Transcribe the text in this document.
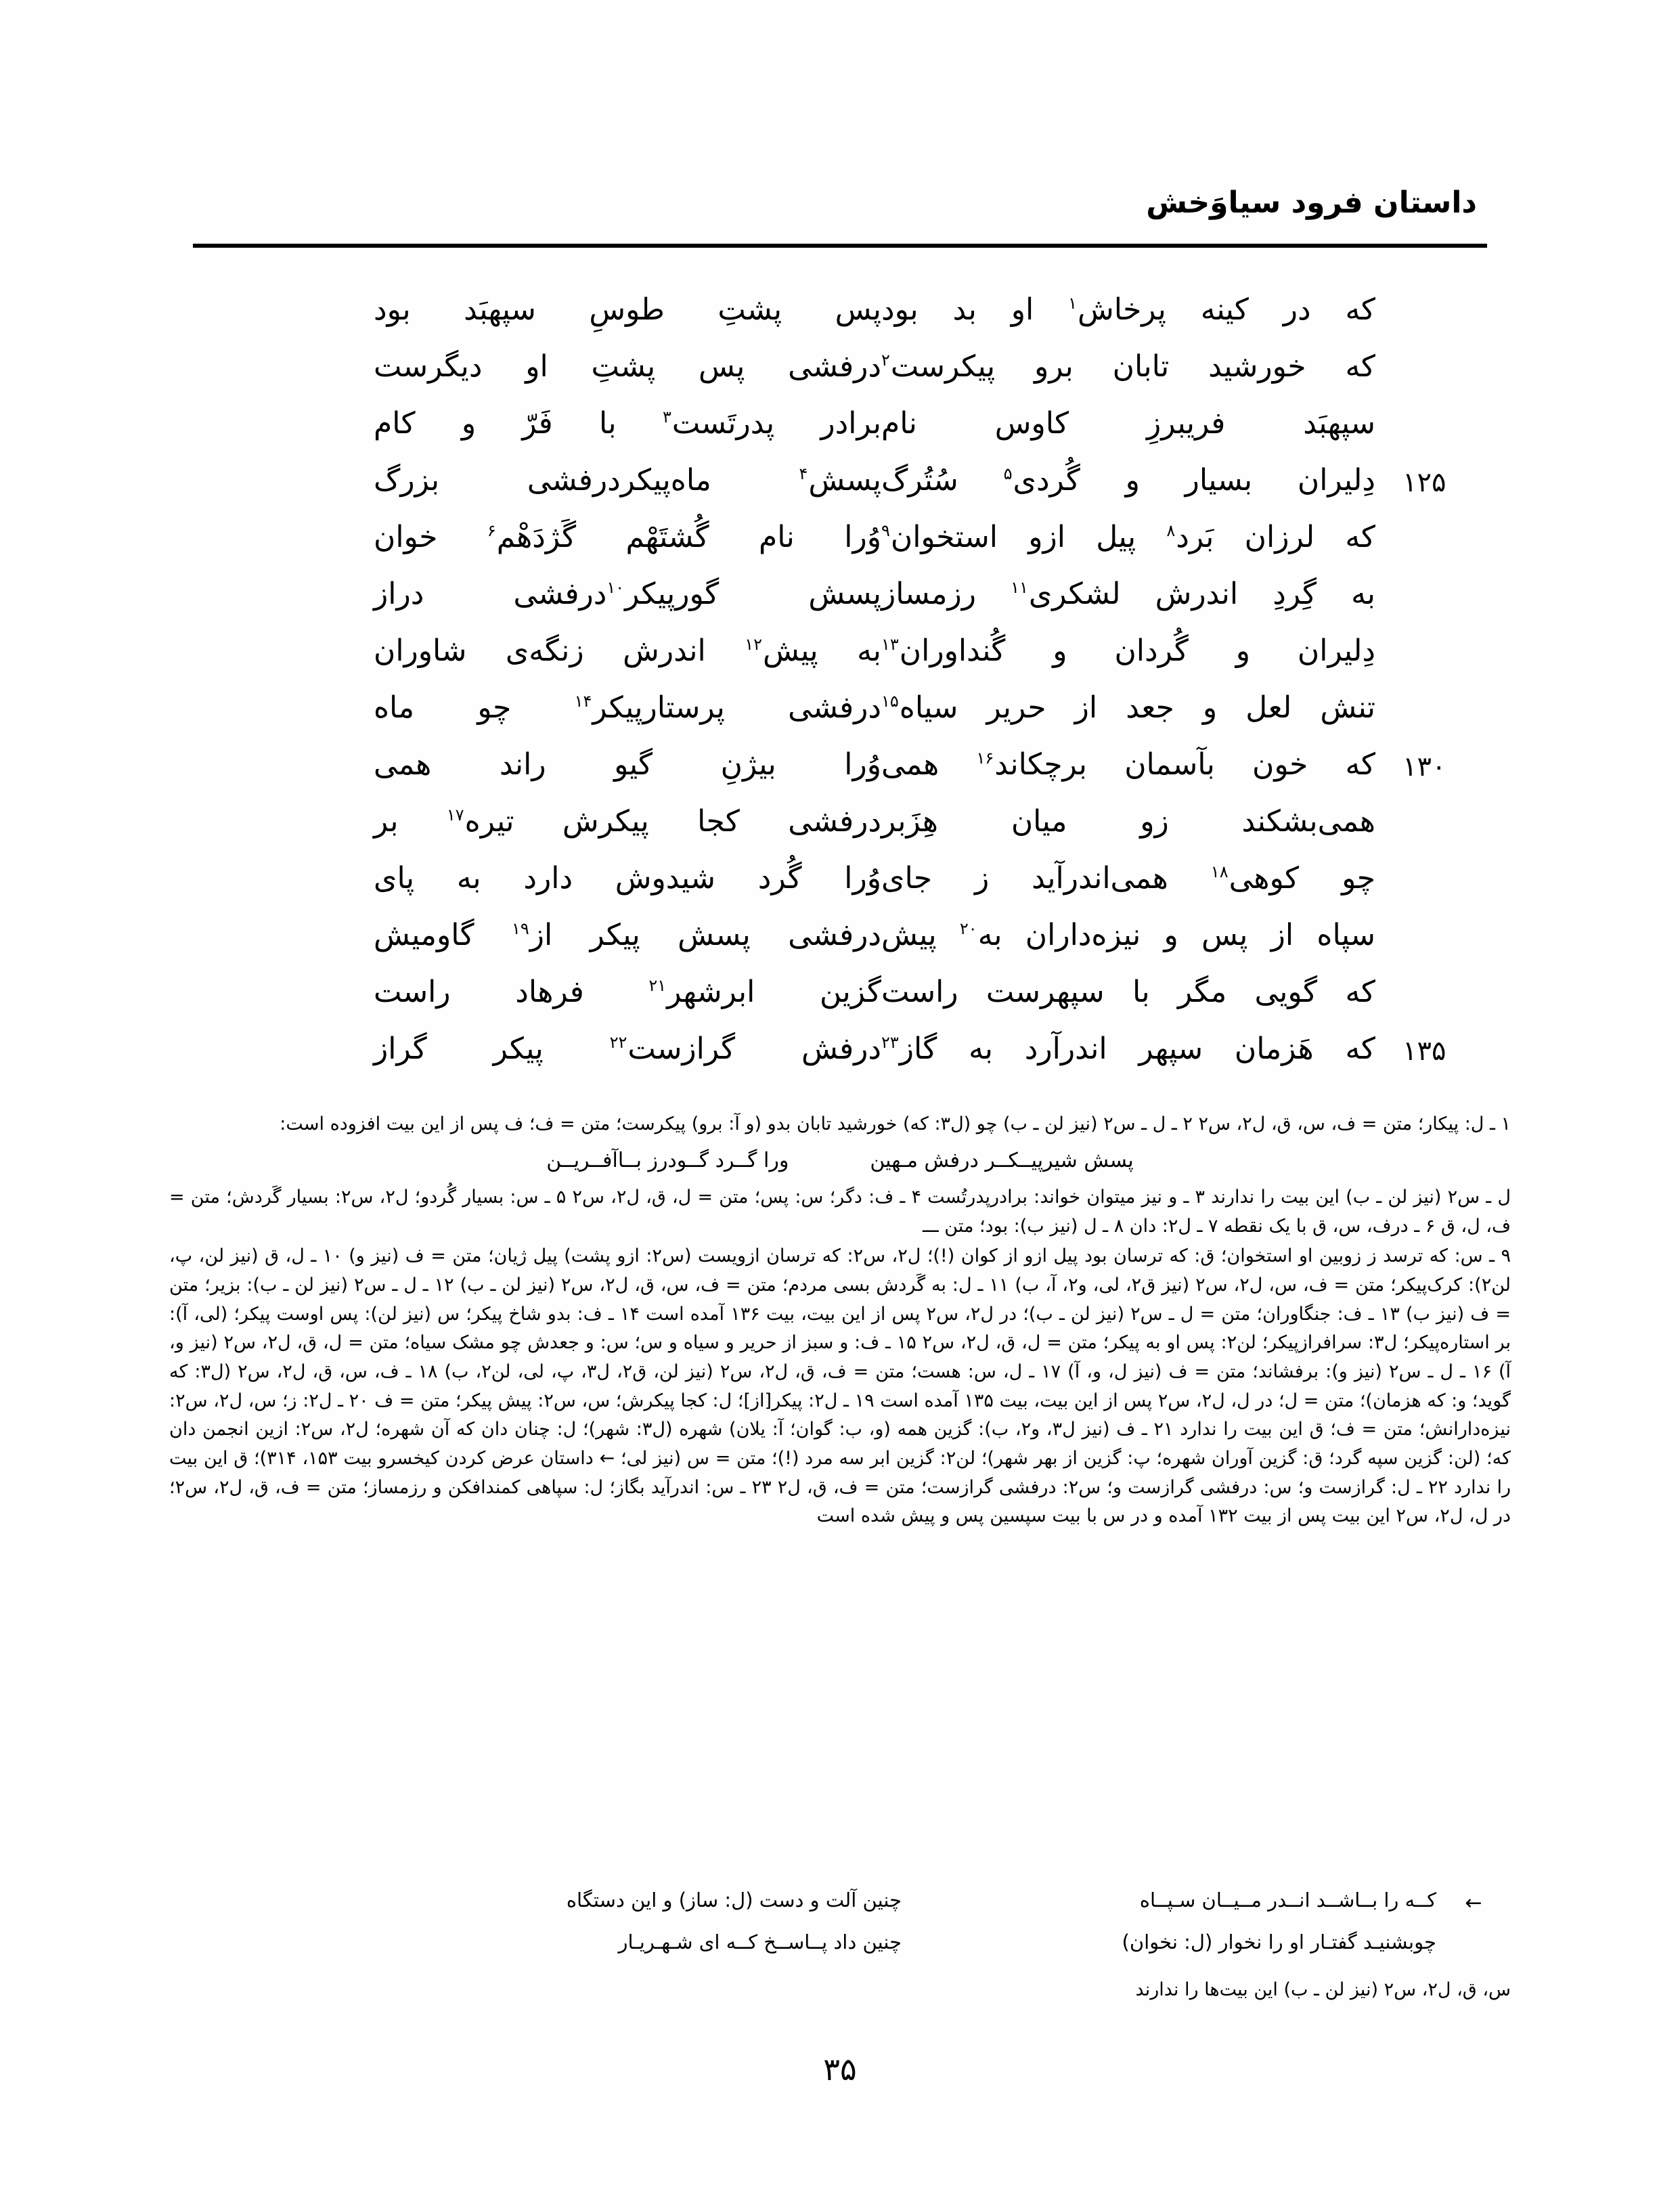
داستان فرود سیاوَخش
که در کینه پرخاش$^۱$ او بد بود
پس پشتِ طوسِ سپهبَد بود
که خورشید تابان برو پیکرست$^۲$
درفشی پس پشتِ او دیگرست
سپهبَد فریبرزِ کاوس نام
برادر پدرتَست$^۳$ با فَرّ و کام
۱۲۵
دِلیران بسیار و گُردی$^۵$ سُتُرگ
پسش$^۴$ ماه‌پیکردرفشی بزرگ
که لرزان بَرد$^۸$ پیل ازو استخوان$^۹$
وُرا نام گُشتَهْم گَژدَهْم$^۶$ خوان
به گِردِ اندرش لشکری$^{۱۱}$ رزمساز
پسش گورپیکر$^{۱۰}$درفشی دراز
دِلیران و گُردان و گُنداوران$^{۱۳}$
به پیش$^{۱۲}$ اندرش زنگه‌ی شاوران
تنش لعل و جعد از حریر سیاه$^{۱۵}$
درفشی پرستارپیکر$^{۱۴}$ چو ماه
۱۳۰
که خون بآسمان برچکاند$^{۱۶}$ همی
وُرا بیژنِ گیو راند همی
همی‌بشکند زو میان هِزَبر
درفشی کجا پیکرش تیره$^{۱۷}$ بر
چو کوهی$^{۱۸}$ همی‌اندرآید ز جای
وُرا گُرد شیدوش دارد به پای
سپاه از پس و نیزه‌داران به$^{۲۰}$ پیش
درفشی پسش پیکر از$^{۱۹}$ گاومیش
که گویی مگر با سپهرست راست
گزین ابرشهر$^{۲۱}$ فرهاد راست
۱۳۵
که هَزمان سپهر اندرآرد به گاز$^{۲۳}$
درفش گرازست$^{۲۲}$ پیکر گراز

۱ ـ ل: پیکار؛ متن = ف، س، ق، ل۲، س۲ ۲ ـ ل ـ س۲ (نیز لن ـ ب) چو (ل۳: که) خورشید تابان بدو (و آ: برو) پیکرست؛ متن = ف؛ ف پس از این بیت افزوده است:

پسش شیرپیــکــر درفش مـهین
ورا گــرد گــودرز بــاآفــریــن

ل ـ س۲ (نیز لن ـ ب) این بیت را ندارند ۳ ـ و نیز میتوان خواند: برادرپدرتُست ۴ ـ ف: دگر؛ س: پس؛ متن = ل، ق، ل۲، س۲ ۵ ـ س: بسیار گُردو؛ ل۲، س۲: بسیار گَردش؛ متن = ف، ل، ق ۶ ـ درف، س، ق با یک نقطه ۷ ـ ل۲: دان ۸ ـ ل (نیز ب): بود؛ متن ـــ

۹ ـ س: که ترسد ز زوبین او استخوان؛ ق: که ترسان بود پیل ازو از کوان (!)؛ ل۲، س۲: که ترسان ازویست (س۲: ازو پشت) پیل ژیان؛ متن = ف (نیز و) ۱۰ ـ ل، ق (نیز لن، پ، لن۲): کرک‌پیکر؛ متن = ف، س، ل۲، س۲ (نیز ق۲، لی، و۲، آ، ب) ۱۱ ـ ل: به گَردش بسی مردم؛ متن = ف، س، ق، ل۲، س۲ (نیز لن ـ ب) ۱۲ ـ ل ـ س۲ (نیز لن ـ ب): بزیر؛ متن = ف (نیز ب) ۱۳ ـ ف: جنگاوران؛ متن = ل ـ س۲ (نیز لن ـ ب)؛ در ل۲، س۲ پس از این بیت، بیت ۱۳۶ آمده است ۱۴ ـ ف: بدو شاخ پیکر؛ س (نیز لن): پس اوست پیکر؛ (لی، آ): بر استاره‌پیکر؛ ل۳: سرافرازپیکر؛ لن۲: پس او به پیکر؛ متن = ل، ق، ل۲، س۲ ۱۵ ـ ف: و سبز از حریر و سیاه و س؛ س: و جعدش چو مشک سیاه؛ متن = ل، ق، ل۲، س۲ (نیز و، آ) ۱۶ ـ ل ـ س۲ (نیز و): برفشاند؛ متن = ف (نیز ل، و، آ) ۱۷ ـ ل، س: هست؛ متن = ف، ق، ل۲، س۲ (نیز لن، ق۲، ل۳، پ، لی، لن۲، ب) ۱۸ ـ ف، س، ق، ل۲، س۲ (ل۳: که گوید؛ و: که هزمان)؛ متن = ل؛ در ل، ل۲، س۲ پس از این بیت، بیت ۱۳۵ آمده است ۱۹ ـ ل۲: پیکر[از]؛ ل: کجا پیکرش؛ س، س۲: پیش پیکر؛ متن = ف ۲۰ ـ ل۲: ز؛ س، ل۲، س۲: نیزه‌دارانش؛ متن = ف؛ ق این بیت را ندارد ۲۱ ـ ف (نیز ل۳، و۲، ب): گزین همه (و، ب: گوان؛ آ: یلان) شهره (ل۳: شهر)؛ ل: چنان دان که آن شهره؛ ل۲، س۲: ازین انجمن دان که؛ (لن: گزین سپه گرد؛ ق: گزین آوران شهره؛ پ: گزین از بهر شهر)؛ لن۲: گزین ابر سه مرد (!)؛ متن = س (نیز لی؛ ← داستان عرض کردن کیخسرو بیت ۱۵۳، ۳۱۴)؛ ق این بیت را ندارد ۲۲ ـ ل: گرازست و؛ س: درفشی گرازست و؛ س۲: درفشی گرازست؛ متن = ف، ق، ل۲ ۲۳ ـ س: اندرآید بگاز؛ ل: سپاهی کمندافکن و رزمساز؛ متن = ف، ق، ل۲، س۲؛ در ل، ل۲، س۲ این بیت پس از بیت ۱۳۲ آمده و در س با بیت سپسین پس و پیش شده است

←
کــه را بــاشــد انــدر مــیــان سـپــاه
چنین آلت و دست (ل: ساز) و این دستگاه
چوبشنیـد گفتـار او را نخوار (ل: نخوان)
چنین داد پــاســخ کــه ای شـهـریـار
س، ق، ل۲، س۲ (نیز لن ـ ب) این بیت‌ها را ندارند
۳۵
